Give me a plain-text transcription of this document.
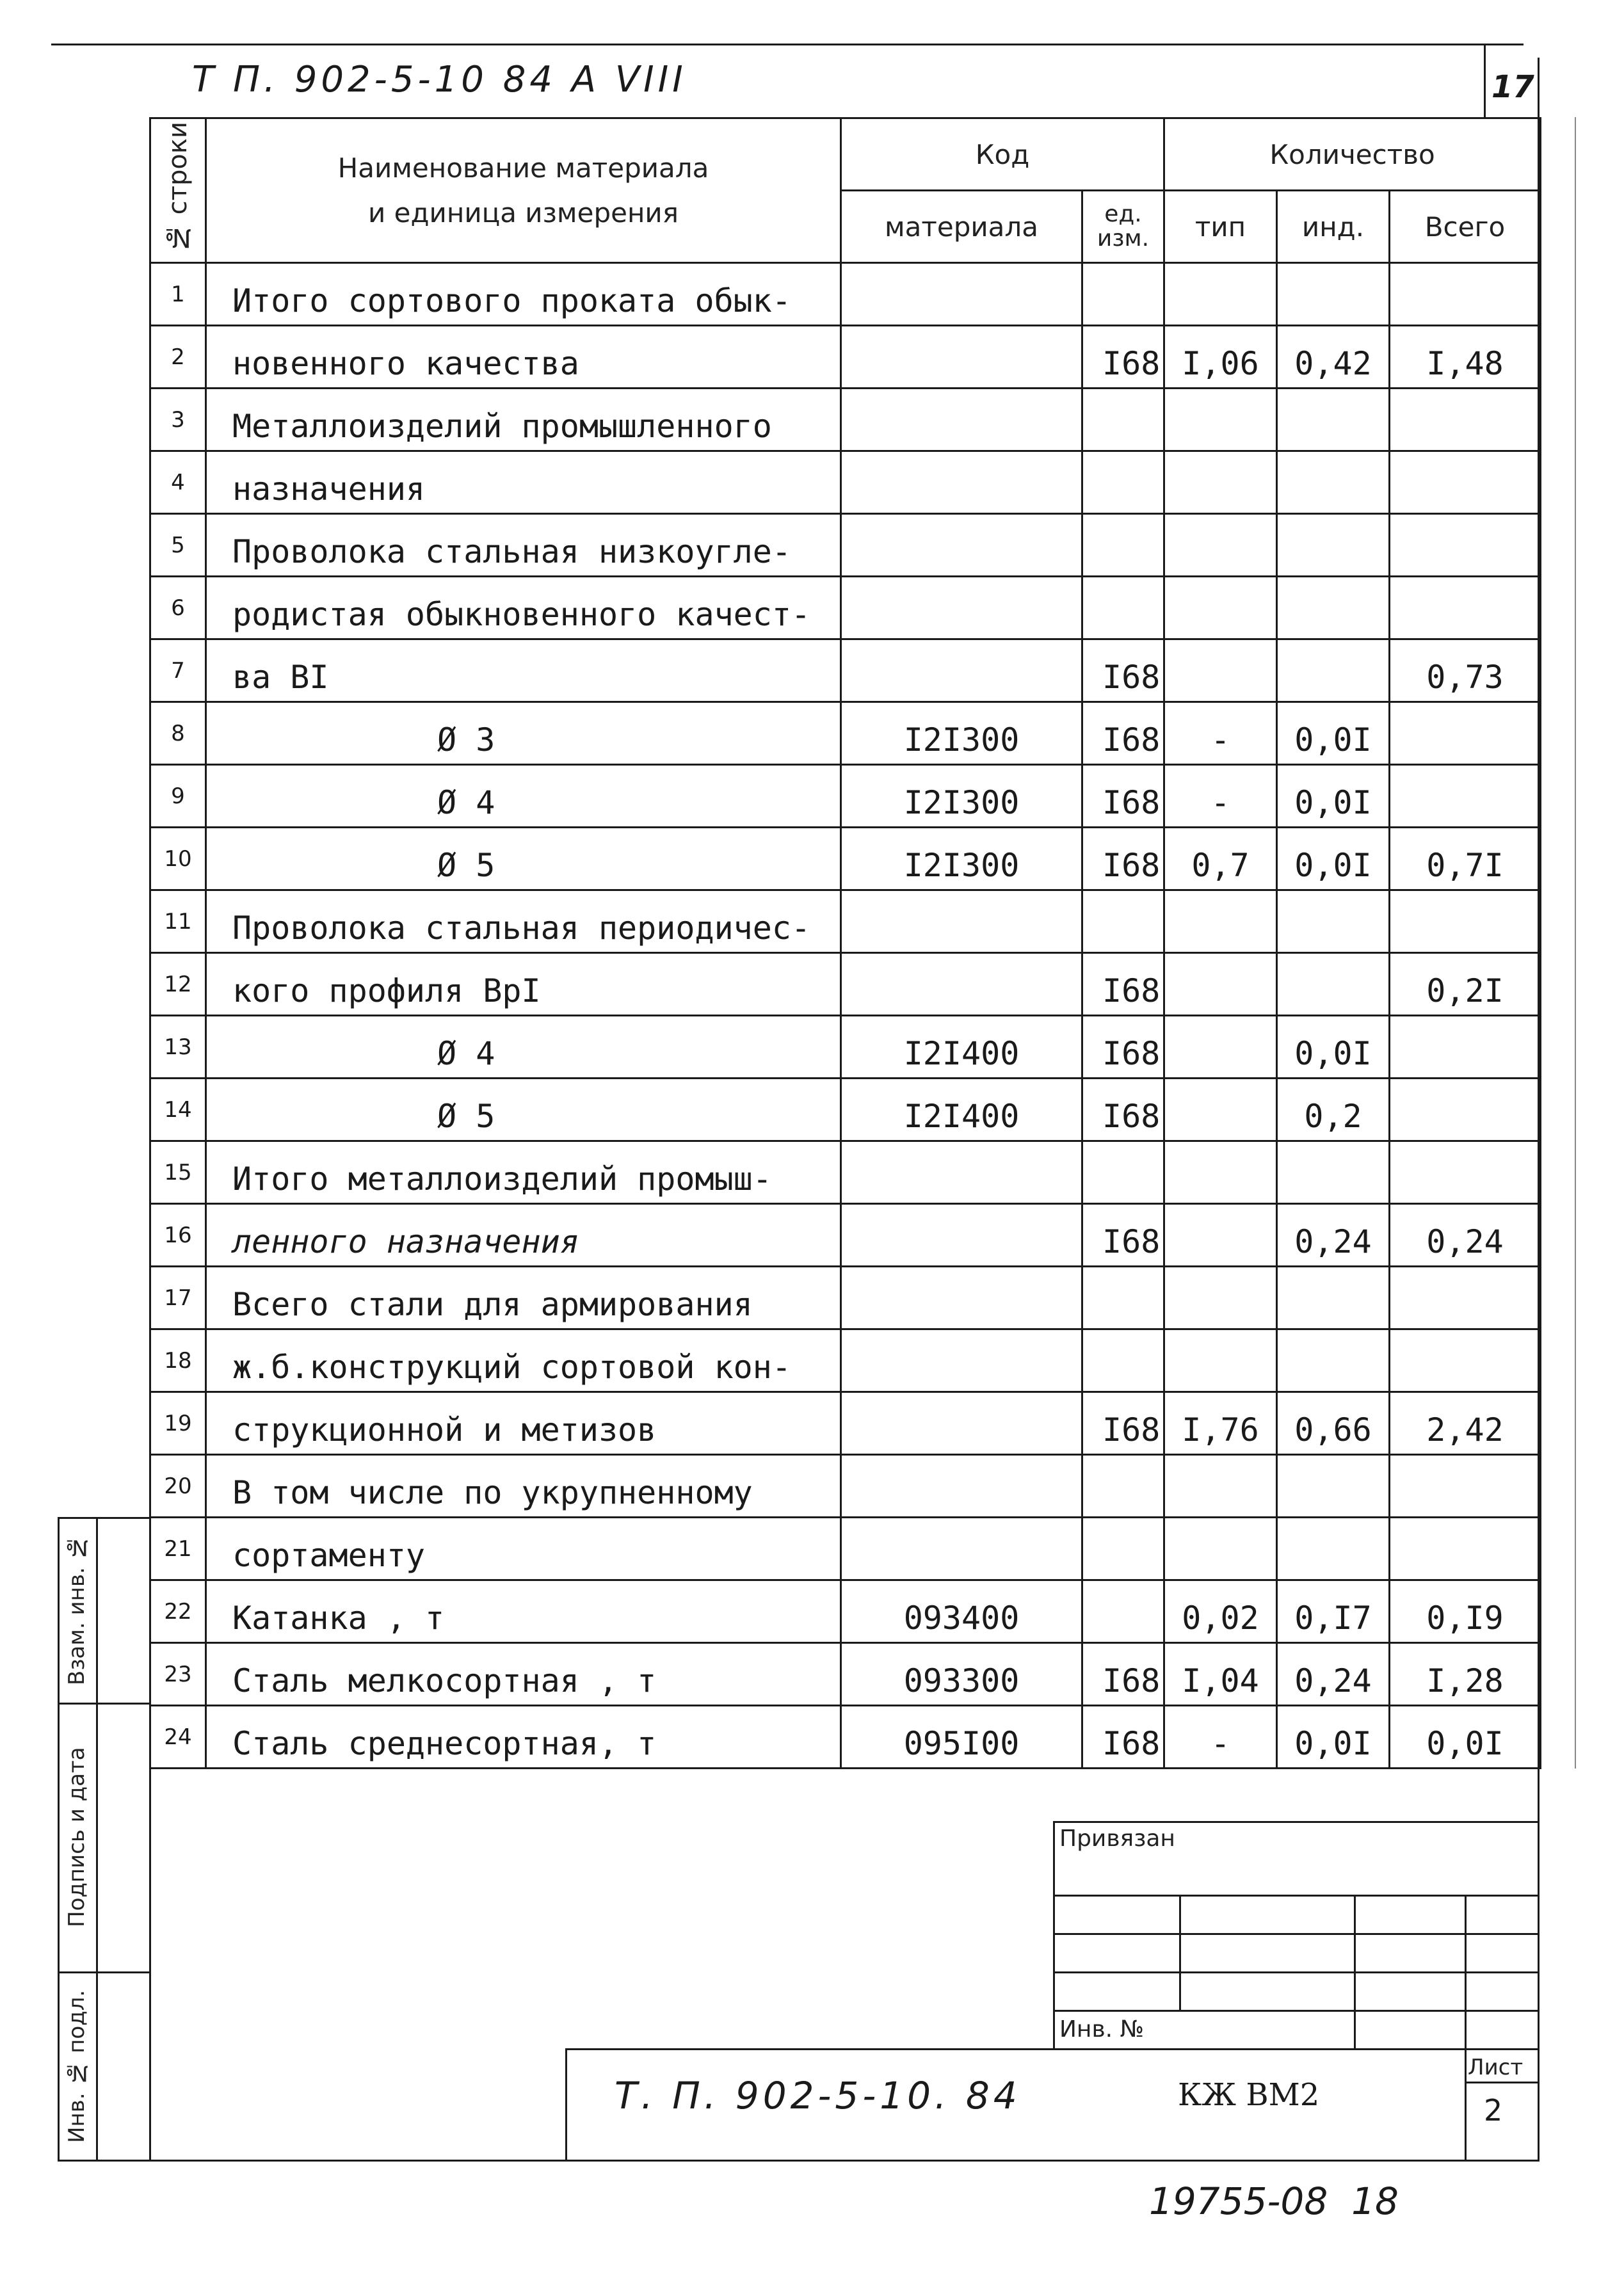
Т П. 902-5-10 84 А VIII	17
№ строки	Наименование материала
и единица измерения	Код		Количество		
		материала	ед. изм.	тип	инд.	Всего
1	Итого сортового проката обык-					
2	новенного качества		I68	I,06	0,42	I,48
3	Металлоизделий промышленного					
4	назначения					
5	Проволока стальная низкоугле-					
6	родистая обыкновенного качест-					
7	ва BI		I68			0,73
8	Ø 3	I2I300	I68	-	0,0I	
9	Ø 4	I2I300	I68	-	0,0I	
10	Ø 5	I2I300	I68	0,7	0,0I	0,7I
11	Проволока стальная периодичес-					
12	кого профиля ВрI		I68			0,2I
13	Ø 4	I2I400	I68		0,0I	
14	Ø 5	I2I400	I68		0,2	
15	Итого металлоизделий промыш-					
16	ленного назначения		I68		0,24	0,24
17	Всего стали для армирования					
18	ж.б.конструкций сортовой кон-					
19	струкционной и метизов		I68	I,76	0,66	2,42
20	В том числе по укрупненному					
21	сортаменту					
22	Катанка , т	093400		0,02	0,I7	0,I9
23	Сталь мелкосортная , т	093300	I68	I,04	0,24	I,28
24	Сталь среднесортная, т	095I00	I68	-	0,0I	0,0I
Взам. инв. №
Подпись и дата
Инв. № подл.
Привязан
Инв. №
Т. П. 902-5-10. 84	КЖ ВМ2
Лист
2
19755-08  18
